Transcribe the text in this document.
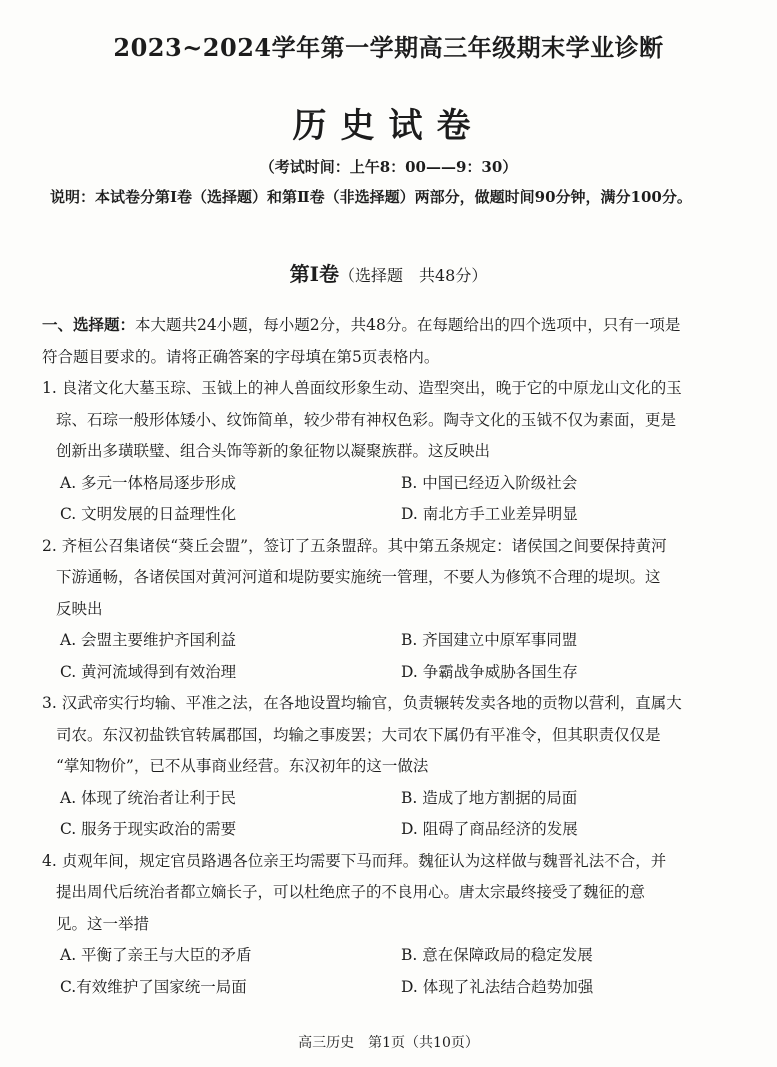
2023~2024学年第一学期高三年级期末学业诊断
历史试卷
（考试时间：上午8：00——9：30）
说明：本试卷分第Ⅰ卷（选择题）和第Ⅱ卷（非选择题）两部分，做题时间90分钟，满分100分。
第Ⅰ卷（选择题　共48分）

一、选择题：本大题共24小题，每小题2分，共48分。在每题给出的四个选项中，只有一项是

符合题目要求的。请将正确答案的字母填在第5页表格内。

1. 良渚文化大墓玉琮、玉钺上的神人兽面纹形象生动、造型突出，晚于它的中原龙山文化的玉

琮、石琮一般形体矮小、纹饰简单，较少带有神权色彩。陶寺文化的玉钺不仅为素面，更是

创新出多璜联璧、组合头饰等新的象征物以凝聚族群。这反映出

A. 多元一体格局逐步形成	B. 中国已经迈入阶级社会
C. 文明发展的日益理性化	D. 南北方手工业差异明显

2. 齐桓公召集诸侯“葵丘会盟”，签订了五条盟辞。其中第五条规定：诸侯国之间要保持黄河

下游通畅，各诸侯国对黄河河道和堤防要实施统一管理，不要人为修筑不合理的堤坝。这

反映出

A. 会盟主要维护齐国利益	B. 齐国建立中原军事同盟
C. 黄河流域得到有效治理	D. 争霸战争威胁各国生存

3. 汉武帝实行均输、平准之法，在各地设置均输官，负责辗转发卖各地的贡物以营利，直属大

司农。东汉初盐铁官转属郡国，均输之事废罢；大司农下属仍有平准令，但其职责仅仅是

“掌知物价”，已不从事商业经营。东汉初年的这一做法

A. 体现了统治者让利于民	B. 造成了地方割据的局面
C. 服务于现实政治的需要	D. 阻碍了商品经济的发展

4. 贞观年间，规定官员路遇各位亲王均需要下马而拜。魏征认为这样做与魏晋礼法不合，并

提出周代后统治者都立嫡长子，可以杜绝庶子的不良用心。唐太宗最终接受了魏征的意

见。这一举措

A. 平衡了亲王与大臣的矛盾	B. 意在保障政局的稳定发展
C.有效维护了国家统一局面	D. 体现了礼法结合趋势加强
高三历史　第1页（共10页）
